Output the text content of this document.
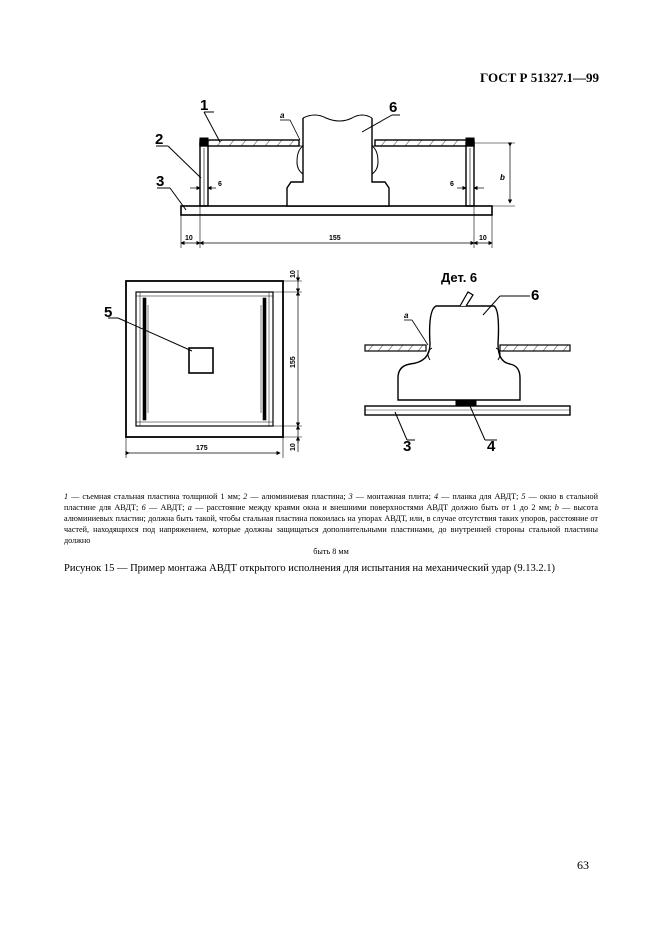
ГОСТ Р 51327.1—99
1
2
3
6
а
b
6	6
10	155	10
5
10
155
10
175
Дет. 6
6
а
3	4
1 — съемная стальная пластина толщиной 1 мм; 2 — алюминиевая пластина; 3 — монтажная плита; 4 — планка для АВДТ; 5 — окно в стальной пластине для АВДТ; 6 — АВДТ; а — расстояние между краями окна и внешними поверхностями АВДТ должно быть от 1 до 2 мм; b — высота алюминиевых пластин; должна быть такой, чтобы стальная пластина покоилась на упорах АВДТ, или, в случае отсутствия таких упоров, расстояние от частей, находящихся под напряжением, которые должны защищаться дополнительными пластинами, до внутренней стороны стальной пластины должно
быть 8 мм
Рисунок 15 — Пример монтажа АВДТ открытого исполнения для испытания на механический удар (9.13.2.1)
63
